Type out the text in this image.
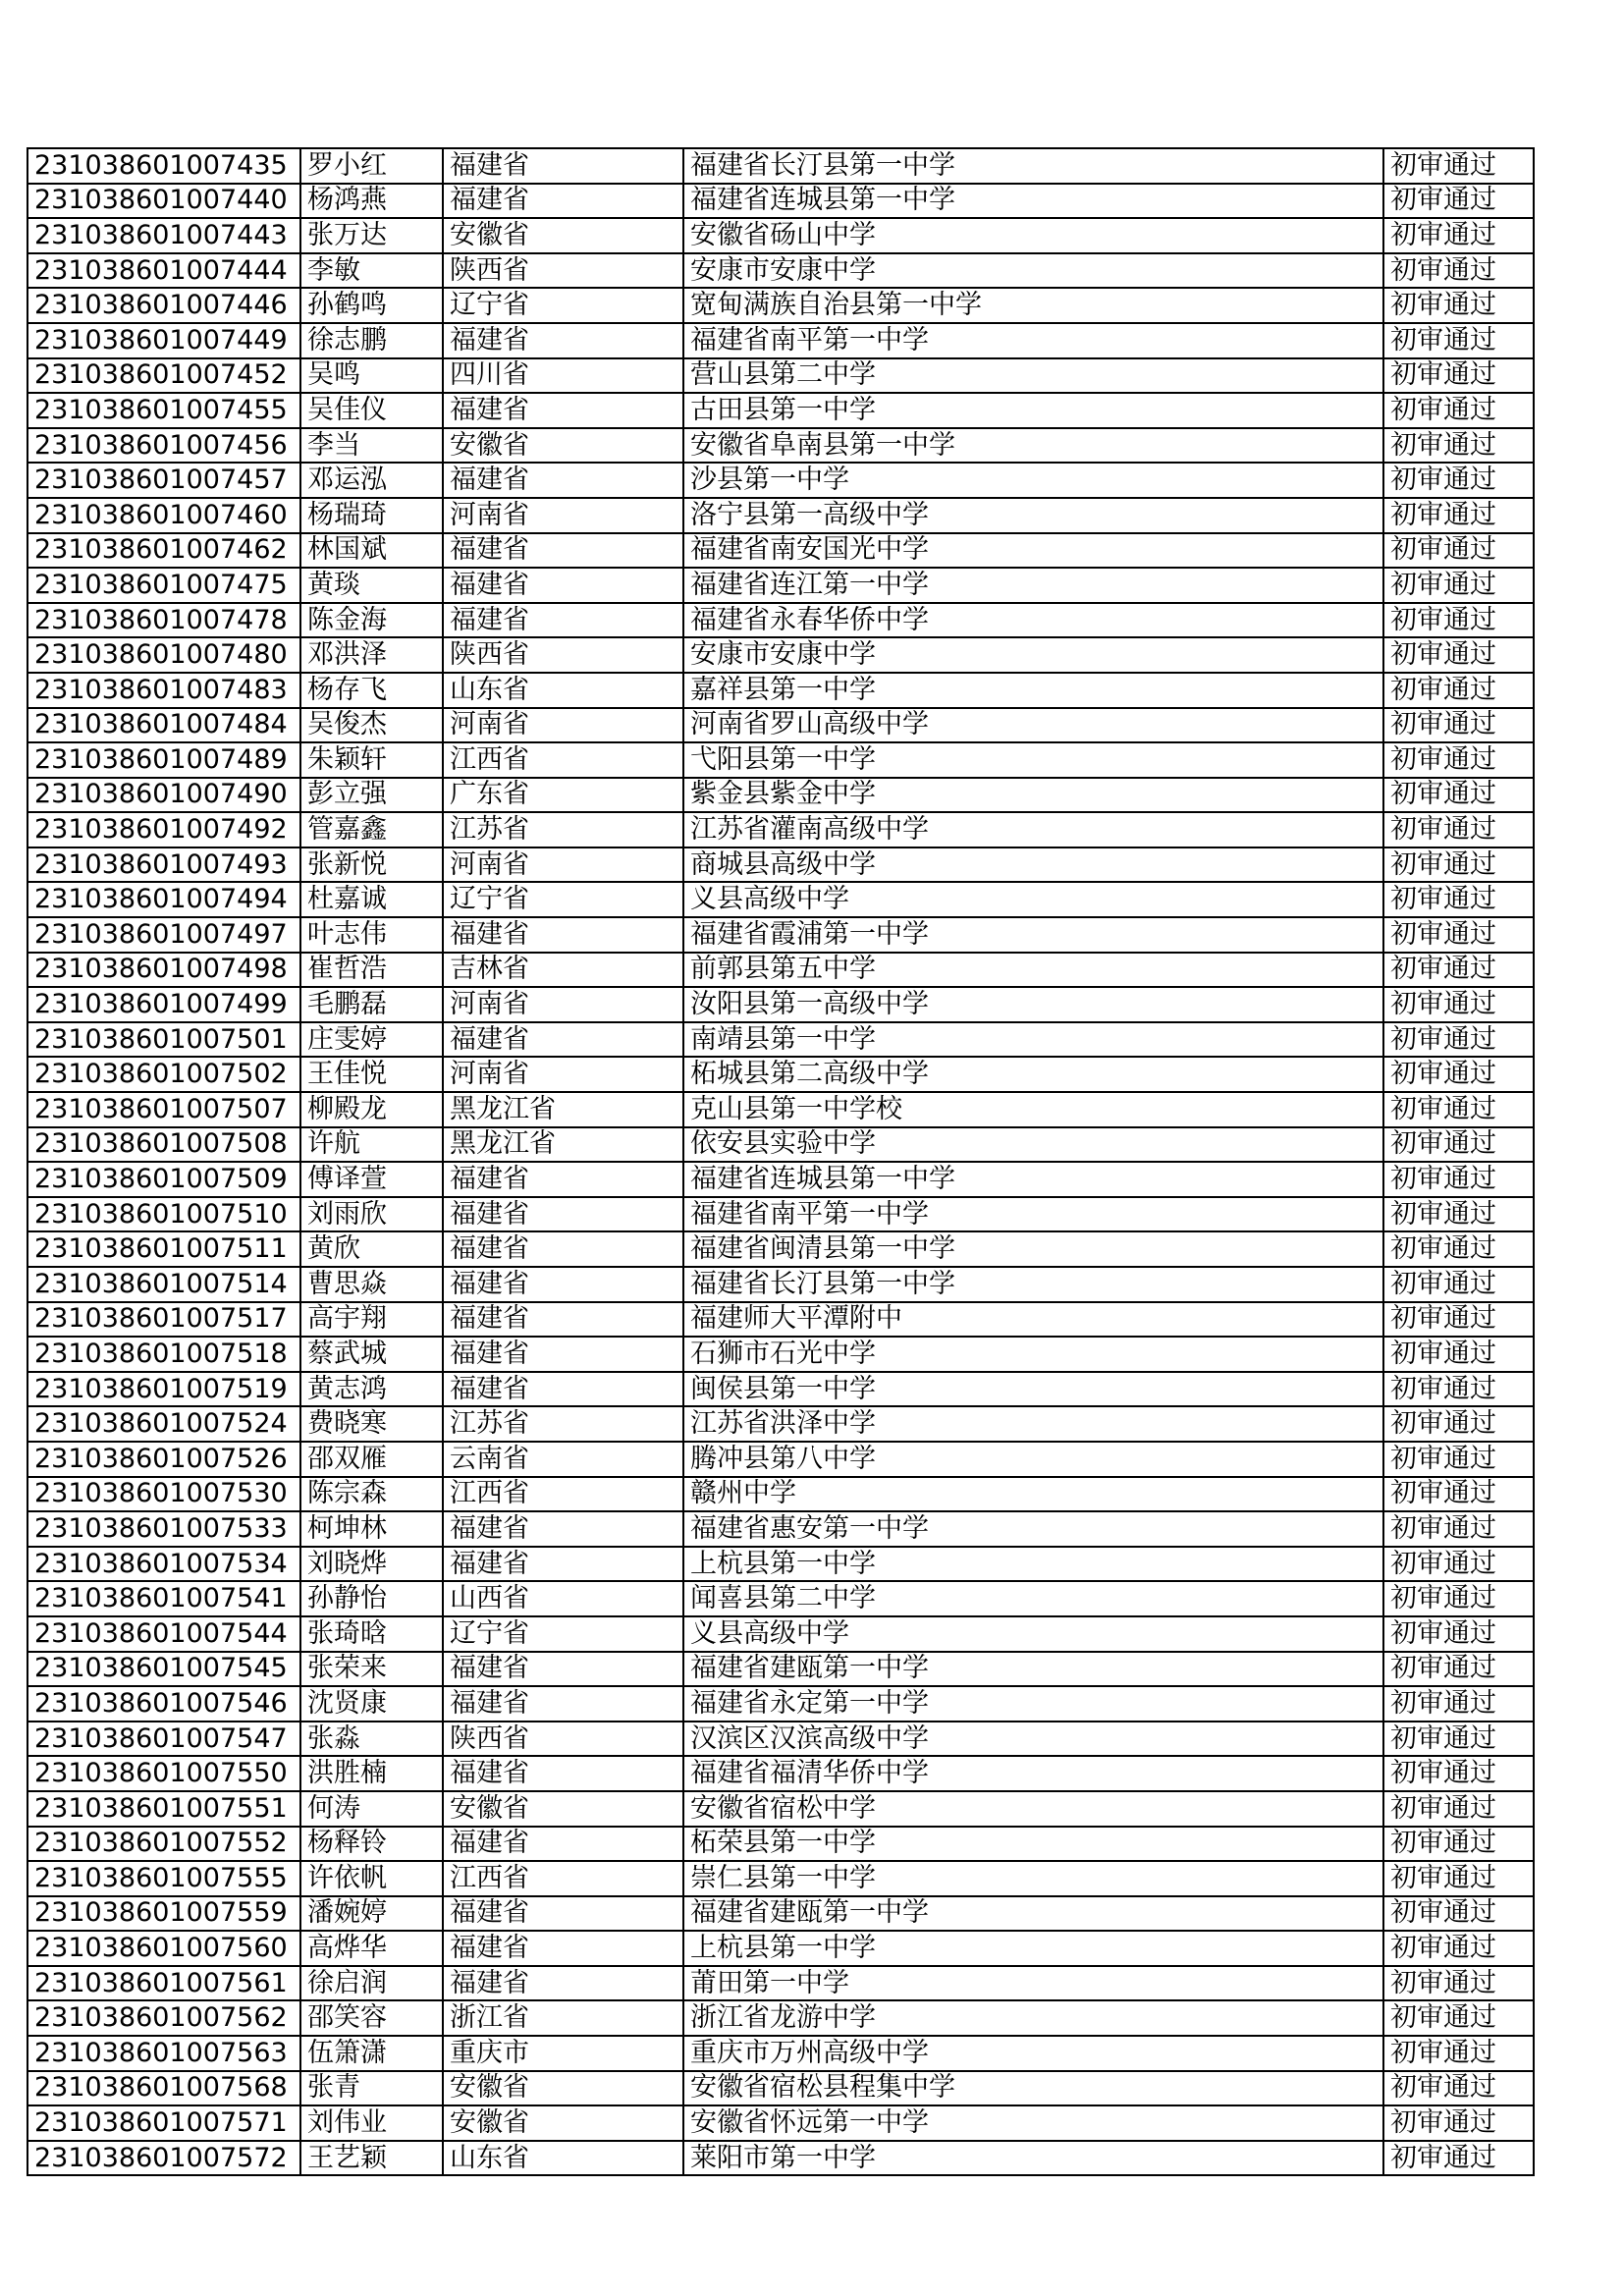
231038601007435	罗小红	福建省	福建省长汀县第一中学	初审通过
231038601007440	杨鸿燕	福建省	福建省连城县第一中学	初审通过
231038601007443	张万达	安徽省	安徽省砀山中学	初审通过
231038601007444	李敏	陕西省	安康市安康中学	初审通过
231038601007446	孙鹤鸣	辽宁省	宽甸满族自治县第一中学	初审通过
231038601007449	徐志鹏	福建省	福建省南平第一中学	初审通过
231038601007452	吴鸣	四川省	营山县第二中学	初审通过
231038601007455	吴佳仪	福建省	古田县第一中学	初审通过
231038601007456	李当	安徽省	安徽省阜南县第一中学	初审通过
231038601007457	邓运泓	福建省	沙县第一中学	初审通过
231038601007460	杨瑞琦	河南省	洛宁县第一高级中学	初审通过
231038601007462	林国斌	福建省	福建省南安国光中学	初审通过
231038601007475	黄琰	福建省	福建省连江第一中学	初审通过
231038601007478	陈金海	福建省	福建省永春华侨中学	初审通过
231038601007480	邓洪泽	陕西省	安康市安康中学	初审通过
231038601007483	杨存飞	山东省	嘉祥县第一中学	初审通过
231038601007484	吴俊杰	河南省	河南省罗山高级中学	初审通过
231038601007489	朱颖轩	江西省	弋阳县第一中学	初审通过
231038601007490	彭立强	广东省	紫金县紫金中学	初审通过
231038601007492	管嘉鑫	江苏省	江苏省灌南高级中学	初审通过
231038601007493	张新悦	河南省	商城县高级中学	初审通过
231038601007494	杜嘉诚	辽宁省	义县高级中学	初审通过
231038601007497	叶志伟	福建省	福建省霞浦第一中学	初审通过
231038601007498	崔哲浩	吉林省	前郭县第五中学	初审通过
231038601007499	毛鹏磊	河南省	汝阳县第一高级中学	初审通过
231038601007501	庄雯婷	福建省	南靖县第一中学	初审通过
231038601007502	王佳悦	河南省	柘城县第二高级中学	初审通过
231038601007507	柳殿龙	黑龙江省	克山县第一中学校	初审通过
231038601007508	许航	黑龙江省	依安县实验中学	初审通过
231038601007509	傅译萱	福建省	福建省连城县第一中学	初审通过
231038601007510	刘雨欣	福建省	福建省南平第一中学	初审通过
231038601007511	黄欣	福建省	福建省闽清县第一中学	初审通过
231038601007514	曹思焱	福建省	福建省长汀县第一中学	初审通过
231038601007517	高宇翔	福建省	福建师大平潭附中	初审通过
231038601007518	蔡武城	福建省	石狮市石光中学	初审通过
231038601007519	黄志鸿	福建省	闽侯县第一中学	初审通过
231038601007524	费晓寒	江苏省	江苏省洪泽中学	初审通过
231038601007526	邵双雁	云南省	腾冲县第八中学	初审通过
231038601007530	陈宗森	江西省	赣州中学	初审通过
231038601007533	柯坤林	福建省	福建省惠安第一中学	初审通过
231038601007534	刘晓烨	福建省	上杭县第一中学	初审通过
231038601007541	孙静怡	山西省	闻喜县第二中学	初审通过
231038601007544	张琦晗	辽宁省	义县高级中学	初审通过
231038601007545	张荣来	福建省	福建省建瓯第一中学	初审通过
231038601007546	沈贤康	福建省	福建省永定第一中学	初审通过
231038601007547	张淼	陕西省	汉滨区汉滨高级中学	初审通过
231038601007550	洪胜楠	福建省	福建省福清华侨中学	初审通过
231038601007551	何涛	安徽省	安徽省宿松中学	初审通过
231038601007552	杨释铃	福建省	柘荣县第一中学	初审通过
231038601007555	许依帆	江西省	崇仁县第一中学	初审通过
231038601007559	潘婉婷	福建省	福建省建瓯第一中学	初审通过
231038601007560	高烨华	福建省	上杭县第一中学	初审通过
231038601007561	徐启润	福建省	莆田第一中学	初审通过
231038601007562	邵笑容	浙江省	浙江省龙游中学	初审通过
231038601007563	伍箫潇	重庆市	重庆市万州高级中学	初审通过
231038601007568	张青	安徽省	安徽省宿松县程集中学	初审通过
231038601007571	刘伟业	安徽省	安徽省怀远第一中学	初审通过
231038601007572	王艺颖	山东省	莱阳市第一中学	初审通过
